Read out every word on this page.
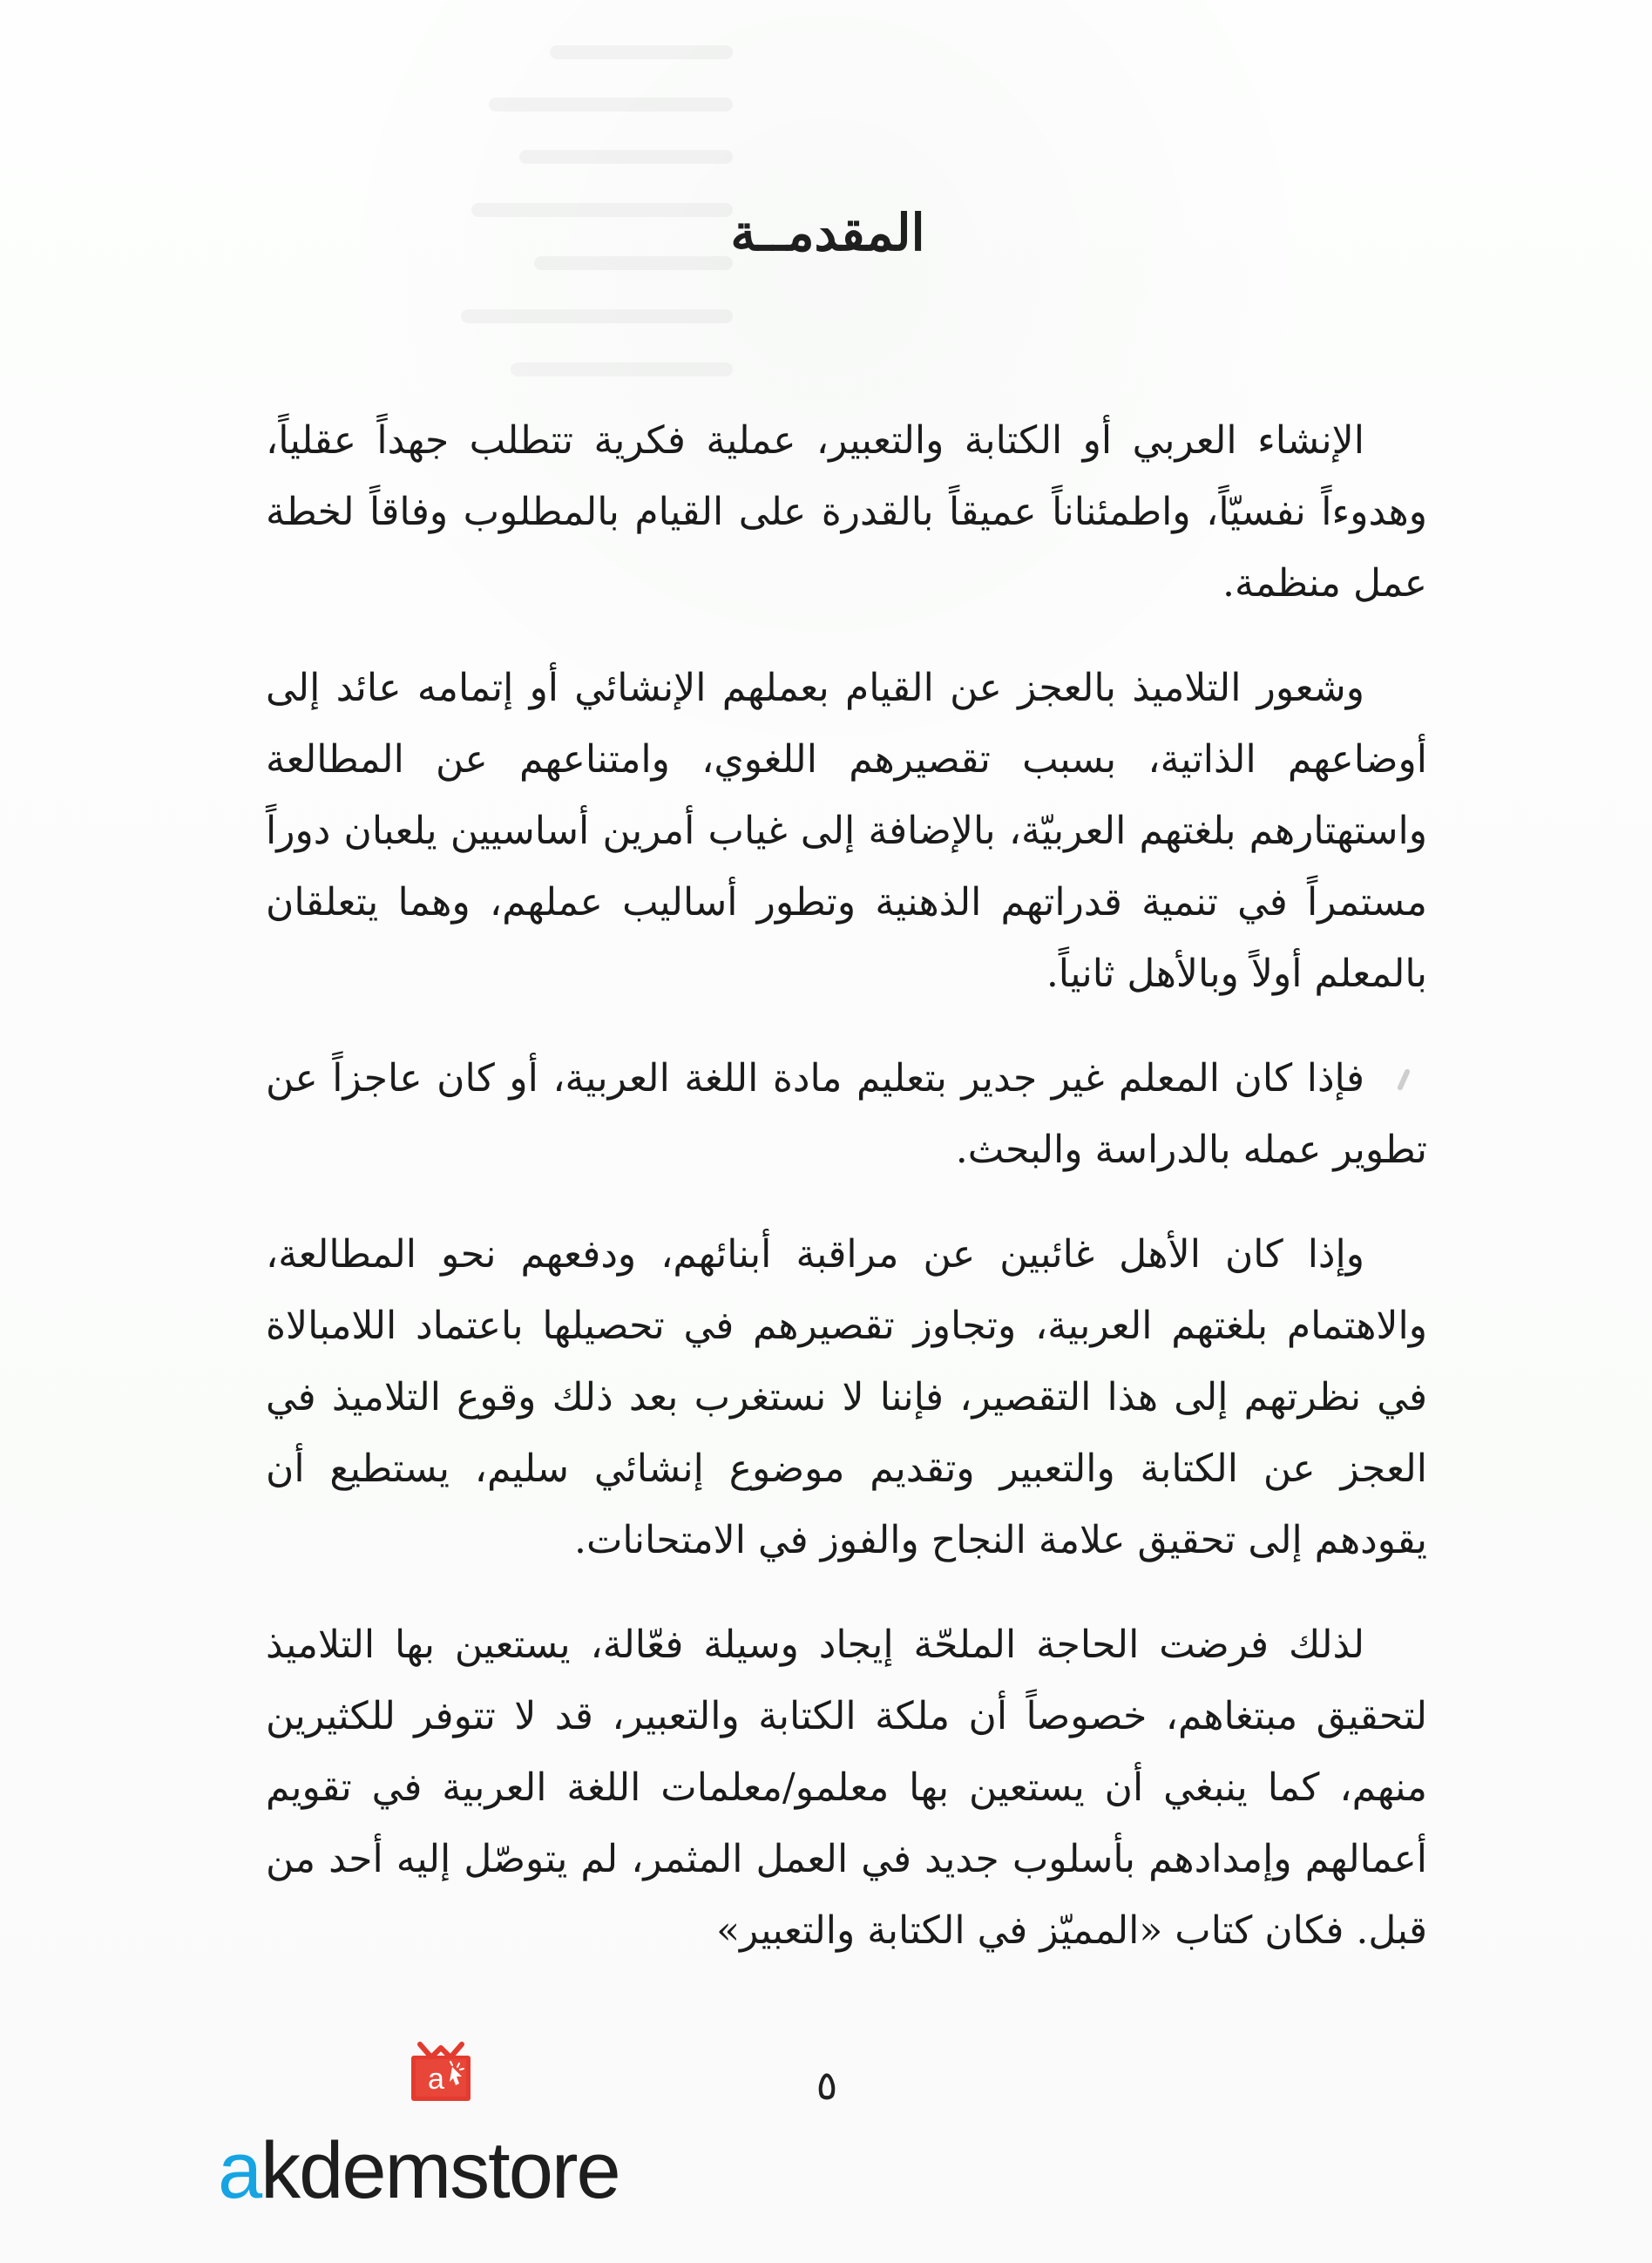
المقدمــة

الإنشاء العربي أو الكتابة والتعبير، عملية فكرية تتطلب جهداً عقلياً، وهدوءاً نفسيّاً، واطمئناناً عميقاً بالقدرة على القيام بالمطلوب وفاقاً لخطة عمل منظمة.

وشعور التلاميذ بالعجز عن القيام بعملهم الإنشائي أو إتمامه عائد إلى أوضاعهم الذاتية، بسبب تقصيرهم اللغوي، وامتناعهم عن المطالعة واستهتارهم بلغتهم العربيّة، بالإضافة إلى غياب أمرين أساسيين يلعبان دوراً مستمراً في تنمية قدراتهم الذهنية وتطور أساليب عملهم، وهما يتعلقان بالمعلم أولاً وبالأهل ثانياً.

فإذا كان المعلم غير جدير بتعليم مادة اللغة العربية، أو كان عاجزاً عن تطوير عمله بالدراسة والبحث.

وإذا كان الأهل غائبين عن مراقبة أبنائهم، ودفعهم نحو المطالعة، والاهتمام بلغتهم العربية، وتجاوز تقصيرهم في تحصيلها باعتماد اللامبالاة في نظرتهم إلى هذا التقصير، فإننا لا نستغرب بعد ذلك وقوع التلاميذ في العجز عن الكتابة والتعبير وتقديم موضوع إنشائي سليم، يستطيع أن يقودهم إلى تحقيق علامة النجاح والفوز في الامتحانات.

لذلك فرضت الحاجة الملحّة إيجاد وسيلة فعّالة، يستعين بها التلاميذ لتحقيق مبتغاهم، خصوصاً أن ملكة الكتابة والتعبير، قد لا تتوفر للكثيرين منهم، كما ينبغي أن يستعين بها معلمو/معلمات اللغة العربية في تقويم أعمالهم وإمدادهم بأسلوب جديد في العمل المثمر، لم يتوصّل إليه أحد من قبل. فكان كتاب «المميّز في الكتابة والتعبير»

٥
a
akdemstore
